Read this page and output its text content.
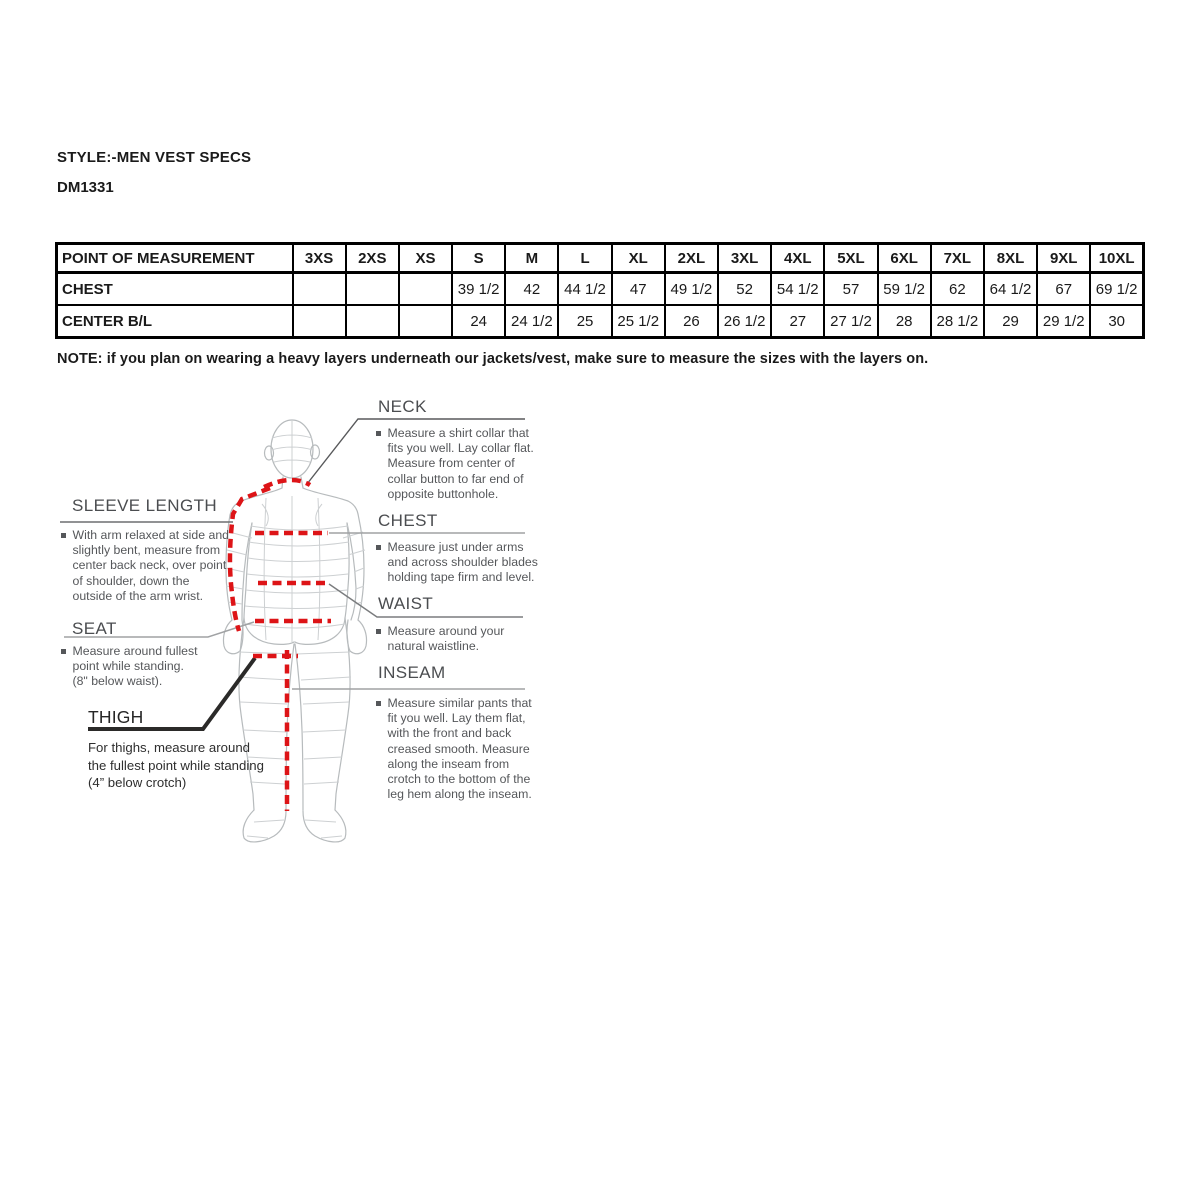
STYLE:-MEN VEST SPECS
DM1331
POINT OF MEASUREMENT	3XS	2XS	XS	S	M	L	XL	2XL	3XL	4XL	5XL	6XL	7XL	8XL	9XL	10XL
CHEST				39 1/2	42	44 1/2	47	49 1/2	52	54 1/2	57	59 1/2	62	64 1/2	67	69 1/2
CENTER B/L				24	24 1/2	25	25 1/2	26	26 1/2	27	27 1/2	28	28 1/2	29	29 1/2	30
NOTE: if you plan on wearing a heavy layers underneath our jackets/vest, make sure to measure the sizes with the layers on.
NECK
Measure a shirt collar that fits you well. Lay collar flat. Measure from center of collar button to far end of opposite buttonhole.
SLEEVE LENGTH
With arm relaxed at side and slightly bent, measure from center back neck, over point of shoulder, down the outside of the arm wrist.
CHEST
Measure just under arms and across shoulder blades holding tape firm and level.
WAIST
Measure around your natural waistline.
SEAT
Measure around fullest point while standing. (8" below waist).	INSEAM
Measure similar pants that fit you well. Lay them flat, with the front and back creased smooth. Measure along the inseam from crotch to the bottom of the leg hem along the inseam.
THIGH
For thighs, measure around the fullest point while standing (4” below crotch)
